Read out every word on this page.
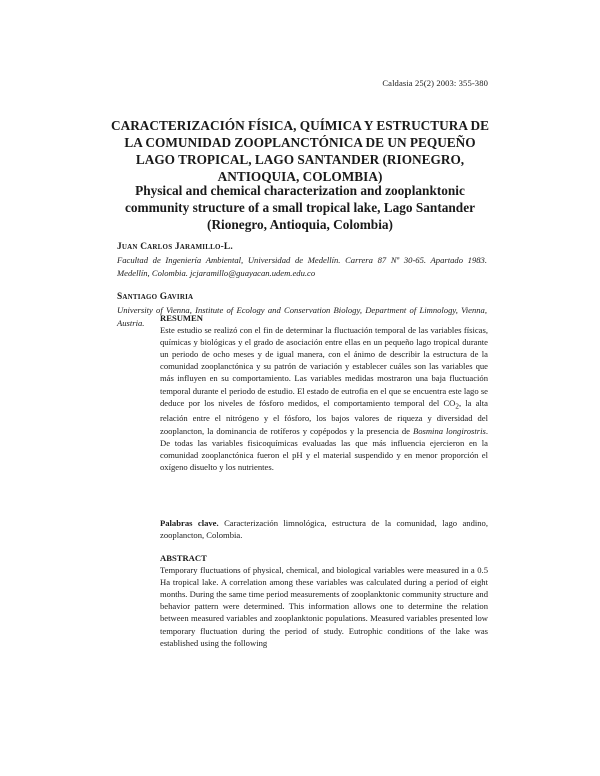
Caldasia 25(2) 2003: 355-380
CARACTERIZACIÓN FÍSICA, QUÍMICA Y ESTRUCTURA DE LA COMUNIDAD ZOOPLANCTÓNICA DE UN PEQUEÑO LAGO TROPICAL, LAGO SANTANDER (RIONEGRO, ANTIOQUIA, COLOMBIA)
Physical and chemical characterization and zooplanktonic community structure of a small tropical lake, Lago Santander (Rionegro, Antioquia, Colombia)
Juan Carlos Jaramillo-L.
Facultad de Ingeniería Ambiental, Universidad de Medellín. Carrera 87 Nº 30-65. Apartado 1983. Medellín, Colombia. jcjaramillo@guayacan.udem.edu.co
Santiago Gaviria
University of Vienna, Institute of Ecology and Conservation Biology, Department of Limnology, Vienna, Austria.	RESUMEN
Este estudio se realizó con el fin de determinar la fluctuación temporal de las variables físicas, químicas y biológicas y el grado de asociación entre ellas en un pequeño lago tropical durante un periodo de ocho meses y de igual manera, con el ánimo de describir la estructura de la comunidad zooplanctónica y su patrón de variación y establecer cuáles son las variables que más influyen en su comportamiento. Las variables medidas mostraron una baja fluctuación temporal durante el periodo de estudio. El estado de eutrofia en el que se encuentra este lago se deduce por los niveles de fósforo medidos, el comportamiento temporal del $CO_2$, la alta relación entre el nitrógeno y el fósforo, los bajos valores de riqueza y diversidad del zooplancton, la dominancia de rotíferos y copépodos y la presencia de Bosmina longirostris. De todas las variables fisicoquímicas evaluadas las que más influencia ejercieron en la comunidad zooplanctónica fueron el pH y el material suspendido y en menor proporción el oxígeno disuelto y los nutrientes.
Palabras clave. Caracterización limnológica, estructura de la comunidad, lago andino, zooplancton, Colombia.
ABSTRACT
Temporary fluctuations of physical, chemical, and biological variables were measured in a 0.5 Ha tropical lake. A correlation among these variables was calculated during a period of eight months. During the same time period measurements of zooplanktonic community structure and behavior pattern were determined. This information allows one to determine the relation between measured variables and zooplanktonic populations. Measured variables presented low temporary fluctuation during the period of study. Eutrophic conditions of the lake was established using the following
